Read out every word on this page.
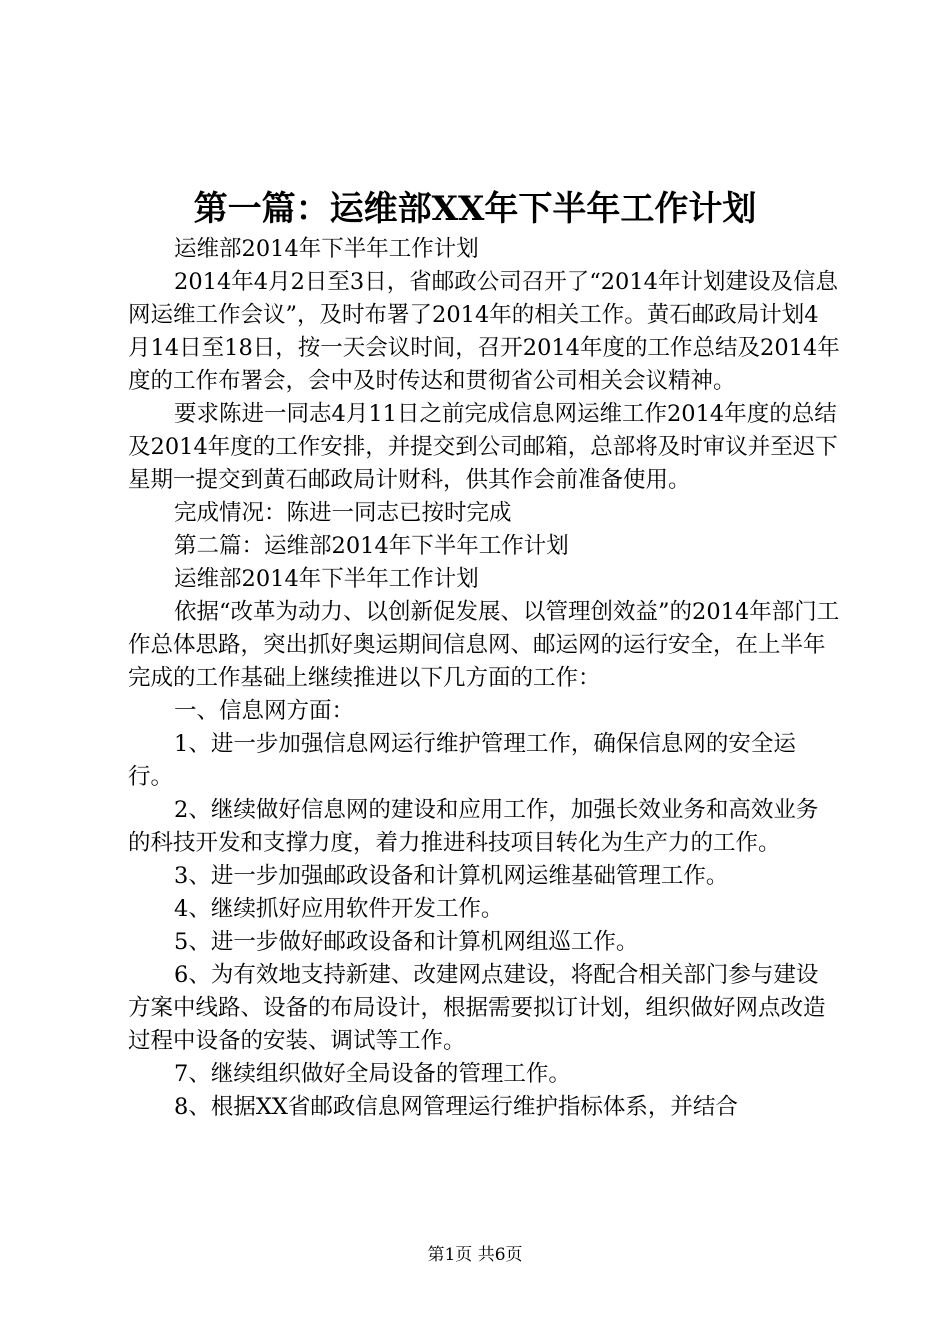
第一篇：运维部XX年下半年工作计划

运维部2014年下半年工作计划

2014年4月2日至3日，省邮政公司召开了“2014年计划建设及信息网运维工作会议”，及时布署了2014年的相关工作。黄石邮政局计划4月14日至18日，按一天会议时间，召开2014年度的工作总结及2014年度的工作布署会，会中及时传达和贯彻省公司相关会议精神。

要求陈进一同志4月11日之前完成信息网运维工作2014年度的总结及2014年度的工作安排，并提交到公司邮箱，总部将及时审议并至迟下星期一提交到黄石邮政局计财科，供其作会前准备使用。

完成情况：陈进一同志已按时完成

第二篇：运维部2014年下半年工作计划

运维部2014年下半年工作计划

依据“改革为动力、以创新促发展、以管理创效益”的2014年部门工作总体思路，突出抓好奥运期间信息网、邮运网的运行安全，在上半年完成的工作基础上继续推进以下几方面的工作：

一、信息网方面：

1、进一步加强信息网运行维护管理工作，确保信息网的安全运行。

2、继续做好信息网的建设和应用工作，加强长效业务和高效业务的科技开发和支撑力度，着力推进科技项目转化为生产力的工作。

3、进一步加强邮政设备和计算机网运维基础管理工作。

4、继续抓好应用软件开发工作。

5、进一步做好邮政设备和计算机网组巡工作。

6、为有效地支持新建、改建网点建设，将配合相关部门参与建设方案中线路、设备的布局设计，根据需要拟订计划，组织做好网点改造过程中设备的安装、调试等工作。

7、继续组织做好全局设备的管理工作。

8、根据XX省邮政信息网管理运行维护指标体系，并结合

第1页 共6页
